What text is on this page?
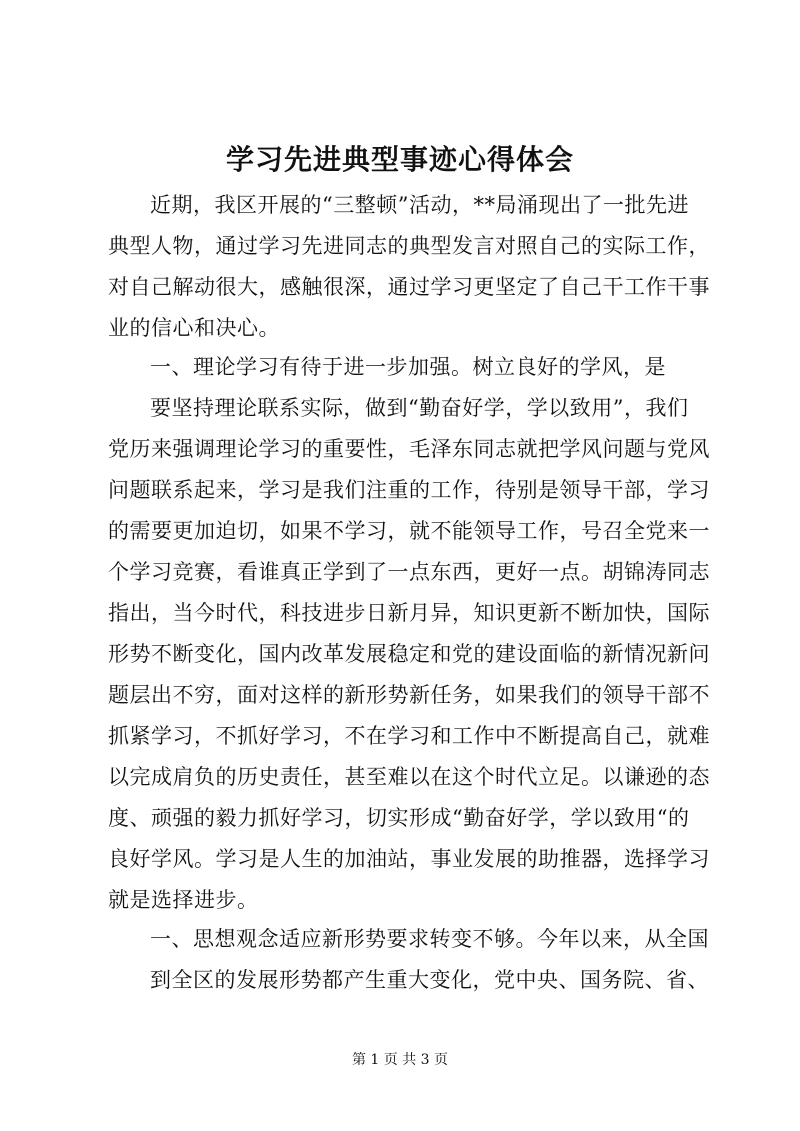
学习先进典型事迹心得体会
近期，我区开展的“三整顿”活动，**局涌现出了一批先进
典型人物，通过学习先进同志的典型发言对照自己的实际工作，
对自己解动很大，感触很深，通过学习更坚定了自己干工作干事
业的信心和决心。
一、理论学习有待于进一步加强。树立良好的学风，是
要坚持理论联系实际，做到“勤奋好学，学以致用”，我们
党历来强调理论学习的重要性，毛泽东同志就把学风问题与党风
问题联系起来，学习是我们注重的工作，待别是领导干部，学习
的需要更加迫切，如果不学习，就不能领导工作，号召全党来一
个学习竞赛，看谁真正学到了一点东西，更好一点。胡锦涛同志
指出，当今时代，科技进步日新月异，知识更新不断加快，国际
形势不断变化，国内改革发展稳定和党的建设面临的新情况新问
题层出不穷，面对这样的新形势新任务，如果我们的领导干部不
抓紧学习，不抓好学习，不在学习和工作中不断提高自己，就难
以完成肩负的历史责任，甚至难以在这个时代立足。以谦逊的态
度、顽强的毅力抓好学习，切实形成“勤奋好学，学以致用“的
良好学风。学习是人生的加油站，事业发展的助推器，选择学习
就是选择进步。
一、思想观念适应新形势要求转变不够。今年以来，从全国
到全区的发展形势都产生重大变化，党中央、国务院、省、
第 1 页 共 3 页
